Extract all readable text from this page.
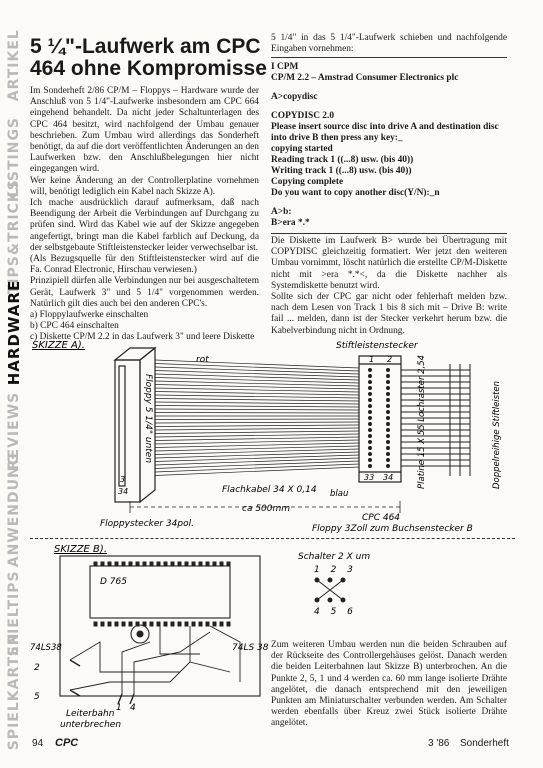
ARTIKEL
LISTINGS
TIPS&TRICKS
HARDWARE
REVIEWS
ANWENDUNG
SPIELTIPS
SPIELKARTEN
5 ¼"-Laufwerk am CPC 464 ohne Kompromisse

Im Sonderheft 2/86 CP/M – Floppys – Hardware wurde der Anschluß von 5 1/4"-Laufwerke insbesondern am CPC 664 eingehend behandelt. Da nicht jeder Schaltunterlagen des CPC 464 besitzt, wird nachfolgend der Umbau genauer beschrieben. Zum Umbau wird allerdings das Sonderheft benötigt, da auf die dort veröffentlichten Änderungen an den Laufwerken bzw. den Anschlußbelegungen hier nicht eingegangen wird.

Wer keine Änderung an der Controllerplatine vornehmen will, benötigt lediglich ein Kabel nach Skizze A).

Ich mache ausdrücklich darauf aufmerksam, daß nach Beendigung der Arbeit die Verbindungen auf Durchgang zu prüfen sind. Wird das Kabel wie auf der Skizze angegeben angefertigt, bringt man die Kabel farblich auf Deckung, da der selbstgebaute Stiftleistenstecker leider verwechselbar ist.

(Als Bezugsquelle für den Stiftleistenstecker wird auf die Fa. Conrad Electronic, Hirschau verwiesen.)

Prinzipiell dürfen alle Verbindungen nur bei ausgeschaltetem Gerät, Laufwerk 3" und 5 1/4" vorgenommen werden. Natürlich gilt dies auch bei den anderen CPC's.

a) Floppylaufwerke einschalten

b) CPC 464 einschalten

c) Diskette CP/M 2.2 in das Laufwerk 3" und leere Diskette

5 1/4" in das 5 1/4"-Laufwerk schieben und nachfolgende Eingaben vornehmen:

I CPM

CP/M 2.2 – Amstrad Consumer Electronics plc

A>copydisc

COPYDISC 2.0

Please insert source disc into drive A and destination disc into drive B then press any key:_

copying started

Reading track 1 ((...8) usw. (bis 40))

Writing track 1 ((...8) usw. (bis 40))

Copying complete

Do you want to copy another disc(Y/N):_n

A>b:

B>era *.*

Die Diskette im Laufwerk B> wurde bei Übertragung mit COPYDISC gleichzeitig formatiert. Wer jetzt den weiteren Umbau vornimmt, löscht natürlich die erstellte CP/M-Diskette nicht mit >era *.*<, da die Diskette nachher als Systemdiskette benutzt wird.

Sollte sich der CPC gar nicht oder fehlerhaft melden bzw. nach dem Lesen von Track 1 bis 8 sich mit – Drive B: write fail ... melden, dann ist der Stecker verkehrt herum bzw. die Kabelverbindung nicht in Ordnung.

SKIZZE A).
Floppy 5 1/4" unten
3
34
rot
Stiftleistenstecker
1 2
33 34	Platine 15 X 55 Lochraster 2,54	Doppelreihige Stiftleisten
Flachkabel 34 X 0,14 blau
ca 500mm
Floppystecker 34pol.
CPC 464
Floppy 3Zoll zum Buchsenstecker B
SKIZZE B).
D 765
74LS38	74LS 38
2
5
1 4
Leiterbahn
unterbrechen
Schalter 2 X um
1 2 3
4 5 6
Zum weiteren Umbau werden nun die beiden Schrauben auf der Rückseite des Controllergehäuses gelöst. Danach werden die beiden Leiterbahnen laut Skizze B) unterbrochen. An die Punkte 2, 5, 1 und 4 werden ca. 60 mm lange isolierte Drähte angelötet, die danach entsprechend mit den jeweiligen Punkten am Miniaturschalter verbunden werden. Am Schalter werden ebenfalls über Kreuz zwei Stück isolierte Drähte angelötet.
94 CPC	3 '86 Sonderheft
